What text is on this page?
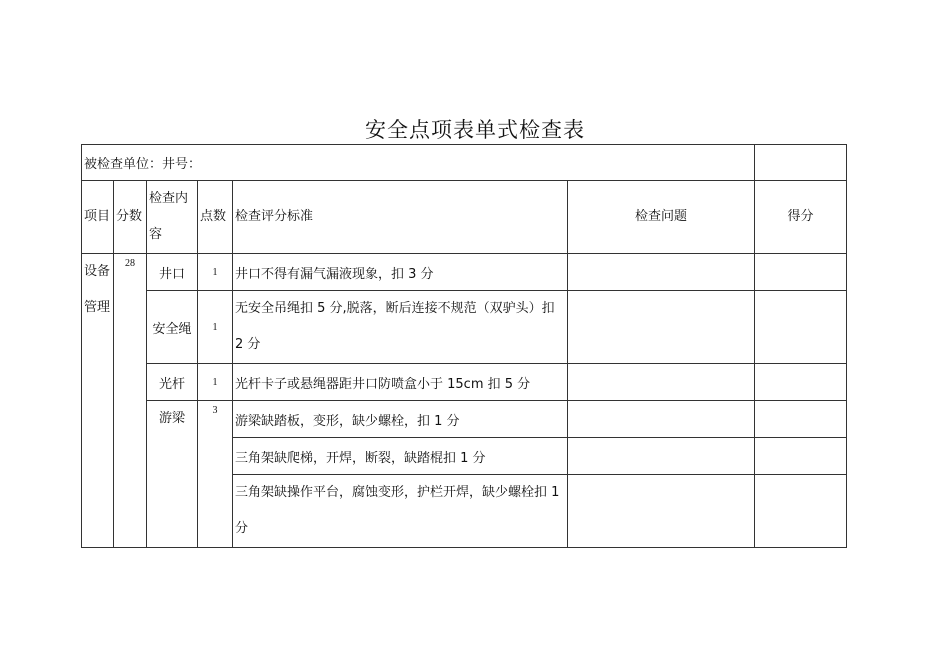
安全点项表单式检查表
被检查单位：井号：						
项目	分数	检查内容	点数	检查评分标准	检查问题	得分
设备管理	28	井口	1	井口不得有漏气漏液现象，扣 3 分		
		安全绳	1	无安全吊绳扣 5 分,脱落，断后连接不规范（双驴头）扣 2 分		
		光杆	1	光杆卡子或悬绳器距井口防喷盒小于 15cm 扣 5 分		
		游梁	3	游梁缺踏板，变形，缺少螺栓，扣 1 分		
				三角架缺爬梯，开焊，断裂，缺踏棍扣 1 分		
				三角架缺操作平台，腐蚀变形，护栏开焊，缺少螺栓扣 1 分		
